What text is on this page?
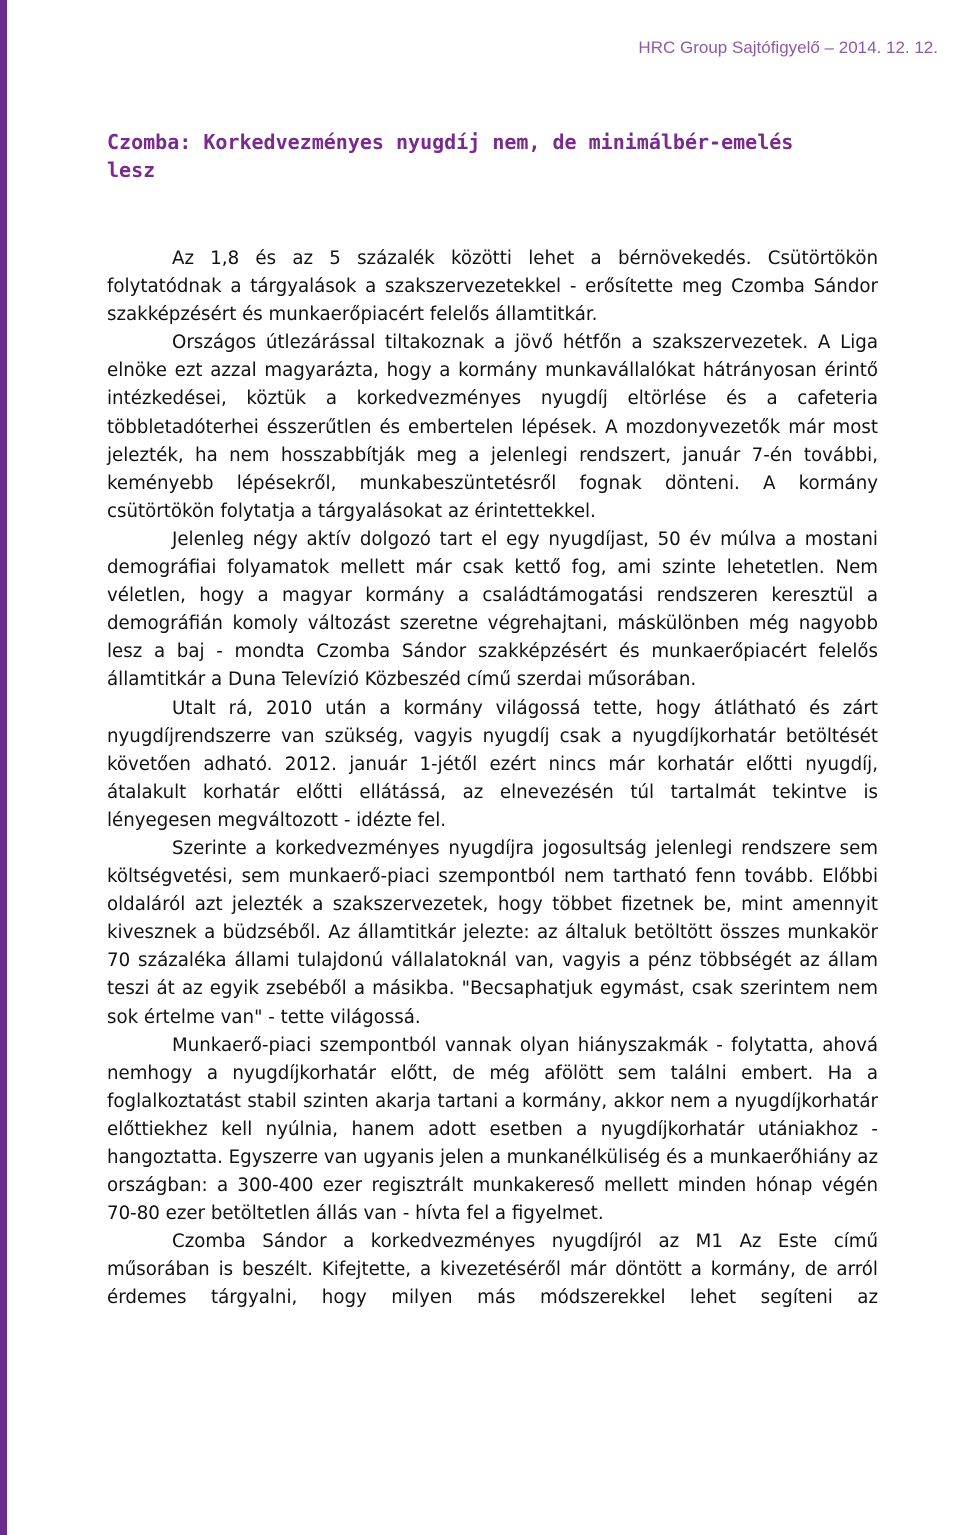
HRC Group Sajtófigyelő – 2014. 12. 12.
Czomba: Korkedvezményes nyugdíj nem, de minimálbér-emelés lesz

Az 1,8 és az 5 százalék közötti lehet a bérnövekedés. Csütörtökön folytatódnak a tárgyalások a szakszervezetekkel - erősítette meg Czomba Sándor szakképzésért és munkaerőpiacért felelős államtitkár.

Országos útlezárással tiltakoznak a jövő hétfőn a szakszervezetek. A Liga elnöke ezt azzal magyarázta, hogy a kormány munkavállalókat hátrányosan érintő intézkedései, köztük a korkedvezményes nyugdíj eltörlése és a cafeteria többletadóterhei ésszerűtlen és embertelen lépések. A mozdonyvezetők már most jelezték, ha nem hosszabbítják meg a jelenlegi rendszert, január 7-én további, keményebb lépésekről, munkabeszüntetésről fognak dönteni. A kormány csütörtökön folytatja a tárgyalásokat az érintettekkel.

Jelenleg négy aktív dolgozó tart el egy nyugdíjast, 50 év múlva a mostani demográfiai folyamatok mellett már csak kettő fog, ami szinte lehetetlen. Nem véletlen, hogy a magyar kormány a családtámogatási rendszeren keresztül a demográfián komoly változást szeretne végrehajtani, máskülönben még nagyobb lesz a baj - mondta Czomba Sándor szakképzésért és munkaerőpiacért felelős államtitkár a Duna Televízió Közbeszéd című szerdai műsorában.

Utalt rá, 2010 után a kormány világossá tette, hogy átlátható és zárt nyugdíjrendszerre van szükség, vagyis nyugdíj csak a nyugdíjkorhatár betöltését követően adható. 2012. január 1-jétől ezért nincs már korhatár előtti nyugdíj, átalakult korhatár előtti ellátássá, az elnevezésén túl tartalmát tekintve is lényegesen megváltozott - idézte fel.

Szerinte a korkedvezményes nyugdíjra jogosultság jelenlegi rendszere sem költségvetési, sem munkaerő-piaci szempontból nem tartható fenn tovább. Előbbi oldaláról azt jelezték a szakszervezetek, hogy többet fizetnek be, mint amennyit kivesznek a büdzséből. Az államtitkár jelezte: az általuk betöltött összes munkakör 70 százaléka állami tulajdonú vállalatoknál van, vagyis a pénz többségét az állam teszi át az egyik zsebéből a másikba. "Becsaphatjuk egymást, csak szerintem nem sok értelme van" - tette világossá.

Munkaerő-piaci szempontból vannak olyan hiányszakmák - folytatta, ahová nemhogy a nyugdíjkorhatár előtt, de még afölött sem találni embert. Ha a foglalkoztatást stabil szinten akarja tartani a kormány, akkor nem a nyugdíjkorhatár előttiekhez kell nyúlnia, hanem adott esetben a nyugdíjkorhatár utániakhoz - hangoztatta. Egyszerre van ugyanis jelen a munkanélküliség és a munkaerőhiány az országban: a 300-400 ezer regisztrált munkakereső mellett minden hónap végén 70-80 ezer betöltetlen állás van - hívta fel a figyelmet.

Czomba Sándor a korkedvezményes nyugdíjról az M1 Az Este című műsorában is beszélt. Kifejtette, a kivezetéséről már döntött a kormány, de arról érdemes tárgyalni, hogy milyen más módszerekkel lehet segíteni az
